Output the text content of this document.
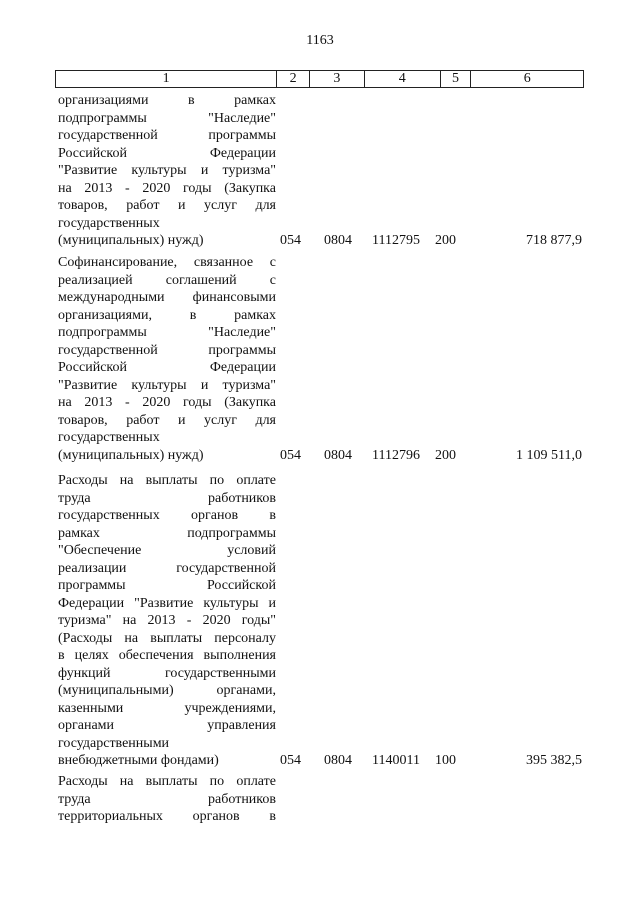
1163
1	2	3	4	5	6
организациями в рамках
подпрограммы "Наследие"
государственной программы
Российской Федерации
"Развитие культуры и туризма"
на 2013 - 2020 годы (Закупка
товаров, работ и услуг для
государственных
(муниципальных) нужд)	054 0804 1112795 200	718 877,9
Софинансирование, связанное с
реализацией соглашений с
международными финансовыми
организациями, в рамках
подпрограммы "Наследие"
государственной программы
Российской Федерации
"Развитие культуры и туризма"
на 2013 - 2020 годы (Закупка
товаров, работ и услуг для
государственных
(муниципальных) нужд)	054 0804 1112796 200	1 109 511,0
Расходы на выплаты по оплате
труда работников
государственных органов в
рамках подпрограммы
"Обеспечение условий
реализации государственной
программы Российской
Федерации "Развитие культуры и
туризма" на 2013 - 2020 годы"
(Расходы на выплаты персоналу
в целях обеспечения выполнения
функций государственными
(муниципальными) органами,
казенными учреждениями,
органами управления
государственными
внебюджетными фондами)	054 0804 1140011 100	395 382,5
Расходы на выплаты по оплате
труда работников
территориальных органов в
